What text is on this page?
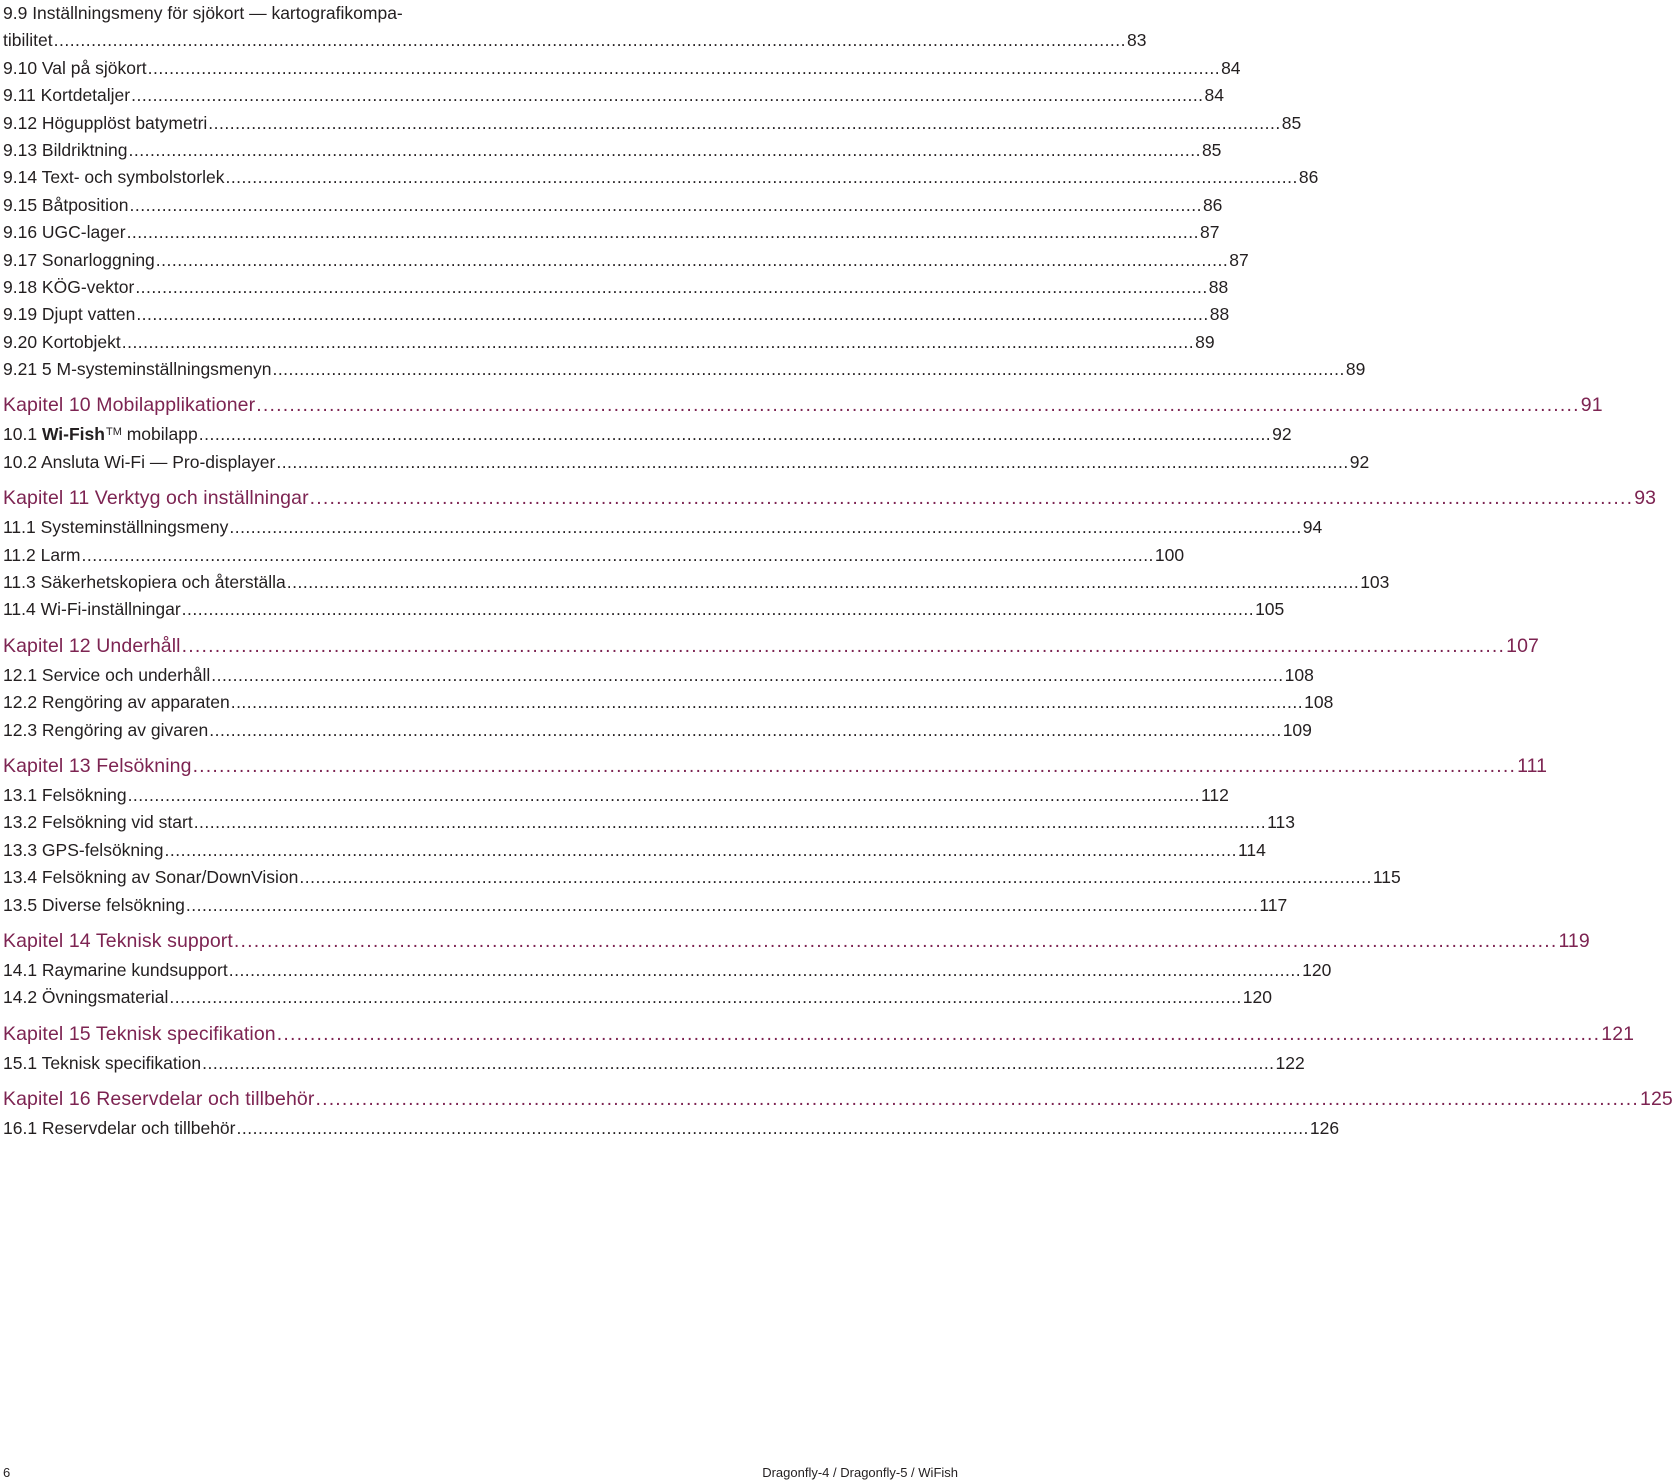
9.9 Inställningsmeny för sjökort — kartografikompa-
tibilitet ........................................................................................................................................................................................................ 83
9.10 Val på sjökort ........................................................................................................................................................................................................ 84
9.11 Kortdetaljer ........................................................................................................................................................................................................ 84
9.12 Högupplöst batymetri ........................................................................................................................................................................................................ 85
9.13 Bildriktning ........................................................................................................................................................................................................ 85
9.14 Text- och symbolstorlek ........................................................................................................................................................................................................ 86
9.15 Båtposition ........................................................................................................................................................................................................ 86
9.16 UGC-lager ........................................................................................................................................................................................................ 87
9.17 Sonarloggning ........................................................................................................................................................................................................ 87
9.18 KÖG-vektor ........................................................................................................................................................................................................ 88
9.19 Djupt vatten ........................................................................................................................................................................................................ 88
9.20 Kortobjekt ........................................................................................................................................................................................................ 89
9.21 5 M-systeminställningsmenyn ........................................................................................................................................................................................................ 89
Kapitel 10 Mobilapplikationer ........................................................................................................................................................................................................ 91
10.1 Wi-Fish™ mobilapp ........................................................................................................................................................................................................ 92
10.2 Ansluta Wi-Fi — Pro-displayer ........................................................................................................................................................................................................ 92
Kapitel 11 Verktyg och inställningar ........................................................................................................................................................................................................ 93
11.1 Systeminställningsmeny ........................................................................................................................................................................................................ 94
11.2 Larm ........................................................................................................................................................................................................ 100
11.3 Säkerhetskopiera och återställa ........................................................................................................................................................................................................ 103
11.4 Wi-Fi-inställningar ........................................................................................................................................................................................................ 105
Kapitel 12 Underhåll ........................................................................................................................................................................................................ 107
12.1 Service och underhåll ........................................................................................................................................................................................................ 108
12.2 Rengöring av apparaten ........................................................................................................................................................................................................ 108
12.3 Rengöring av givaren ........................................................................................................................................................................................................ 109
Kapitel 13 Felsökning ........................................................................................................................................................................................................ 111
13.1 Felsökning ........................................................................................................................................................................................................ 112
13.2 Felsökning vid start ........................................................................................................................................................................................................ 113
13.3 GPS-felsökning ........................................................................................................................................................................................................ 114
13.4 Felsökning av Sonar/DownVision ........................................................................................................................................................................................................ 115
13.5 Diverse felsökning ........................................................................................................................................................................................................ 117
Kapitel 14 Teknisk support ........................................................................................................................................................................................................ 119
14.1 Raymarine kundsupport ........................................................................................................................................................................................................ 120
14.2 Övningsmaterial ........................................................................................................................................................................................................ 120
Kapitel 15 Teknisk specifikation ........................................................................................................................................................................................................ 121
15.1 Teknisk specifikation ........................................................................................................................................................................................................ 122
Kapitel 16 Reservdelar och tillbehör ........................................................................................................................................................................................................ 125
16.1 Reservdelar och tillbehör ........................................................................................................................................................................................................ 126
6	Dragonfly-4 / Dragonfly-5 / WiFish
